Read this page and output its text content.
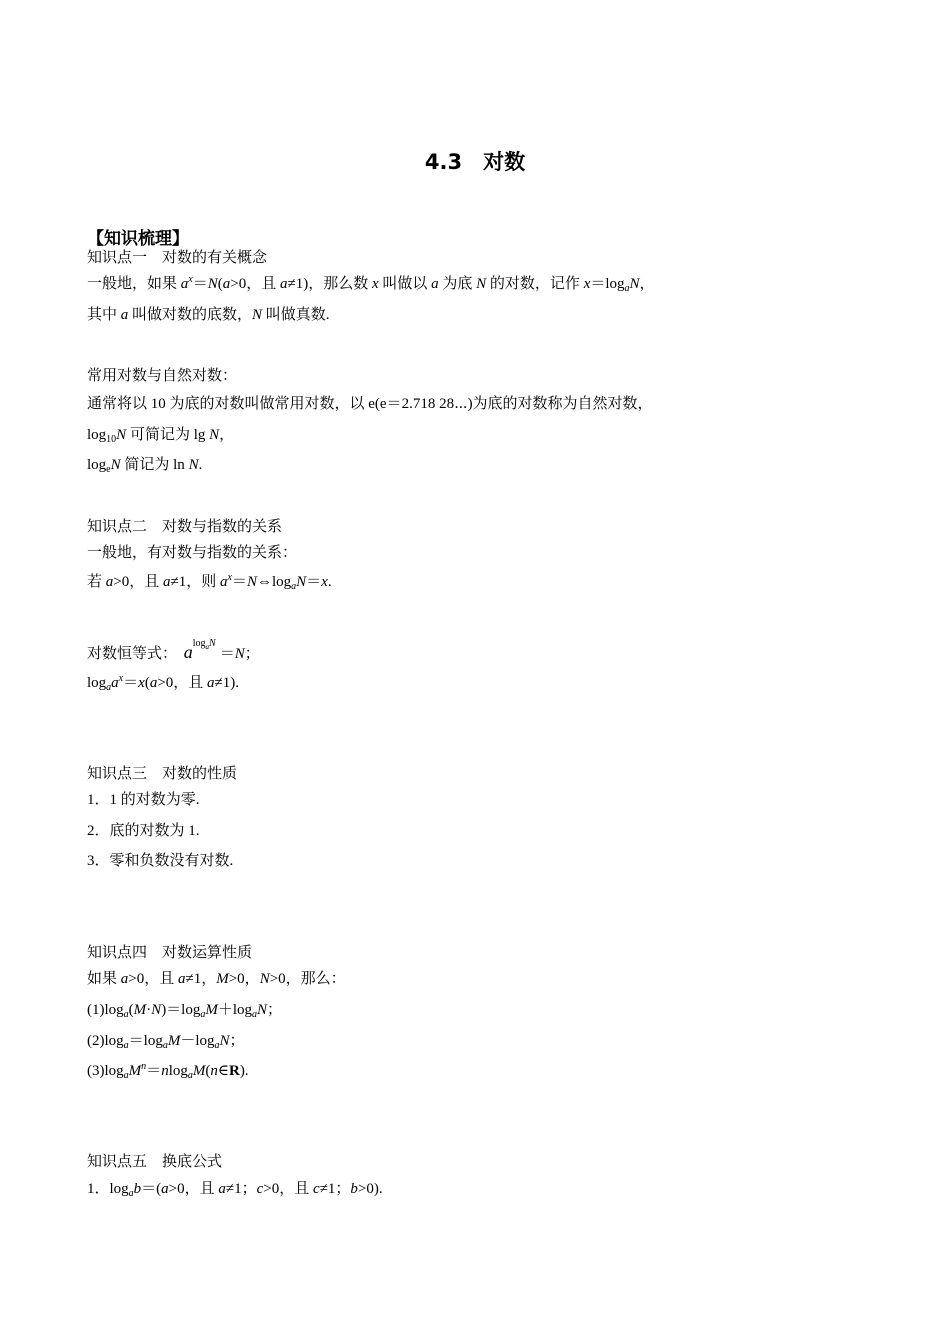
4.3　对数
【知识梳理】
知识点一　对数的有关概念
一般地，如果 $a^x=N(a>0$，且 a≠1)，那么数 x 叫做以 a 为底 N 的对数，记作 $x=\log_aN$，
其中 a 叫做对数的底数，N 叫做真数.
常用对数与自然对数：
通常将以 10 为底的对数叫做常用对数，以 e(e＝2.718 28⋯)为底的对数称为自然对数，
$\log_{10}N$ 可简记为 lg N，
$\log_eN$ 简记为 ln N.
知识点二　对数与指数的关系
一般地，有对数与指数的关系：
若 a>0，且 a≠1，则 $a^x=N\Leftrightarrow\log_aN=x$.
对数恒等式： $a^{log_aN}=N$；
$\log_aa^x=x(a>0$，且 a≠1).
知识点三　对数的性质
1．1 的对数为零.
2．底的对数为 1.
3．零和负数没有对数.
知识点四　对数运算性质
如果 a>0，且 a≠1，M>0，N>0，那么：
$(1)\log_a(M\cdot N)=\log_aM+\log_aN$；
$(2)\log_a=\log_aM-\log_aN$；
$(3)\log_aM^n=nlog_aM(n\in R)$.
知识点五　换底公式
1．$\log_ab=(a>0$，且 a≠1；c>0，且 c≠1；b>0).
